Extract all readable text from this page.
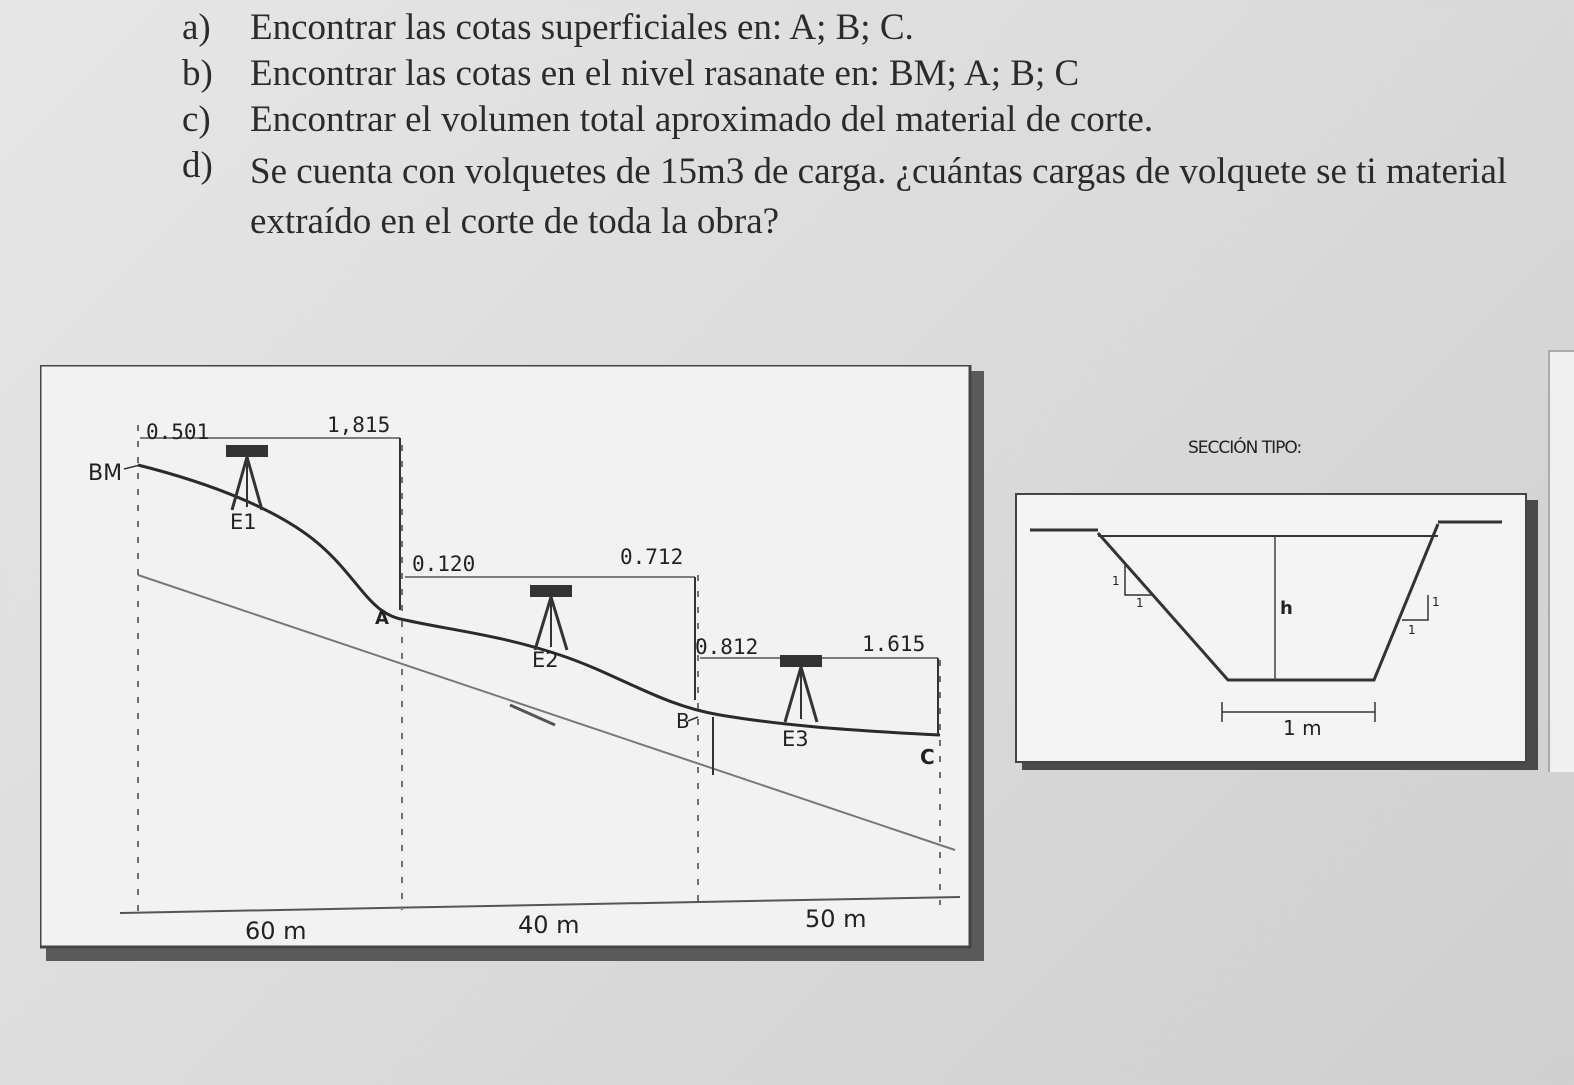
a) Encontrar las cotas superficiales en: A; B; C.
b) Encontrar las cotas en el nivel rasanate en: BM; A; B; C
c) Encontrar el volumen total aproximado del material de corte.
d) Se cuenta con volquetes de 15m3 de carga. ¿cuántas cargas de volquete se ti material extraído en el corte de toda la obra?
0.501	1,815
0.120	0.712
0.812	1.615
BM
A
B
C
E1
E2
E3
60 m	40 m	50 m
SECCIÓN TIPO:
h
1 m
1
1	1
1
